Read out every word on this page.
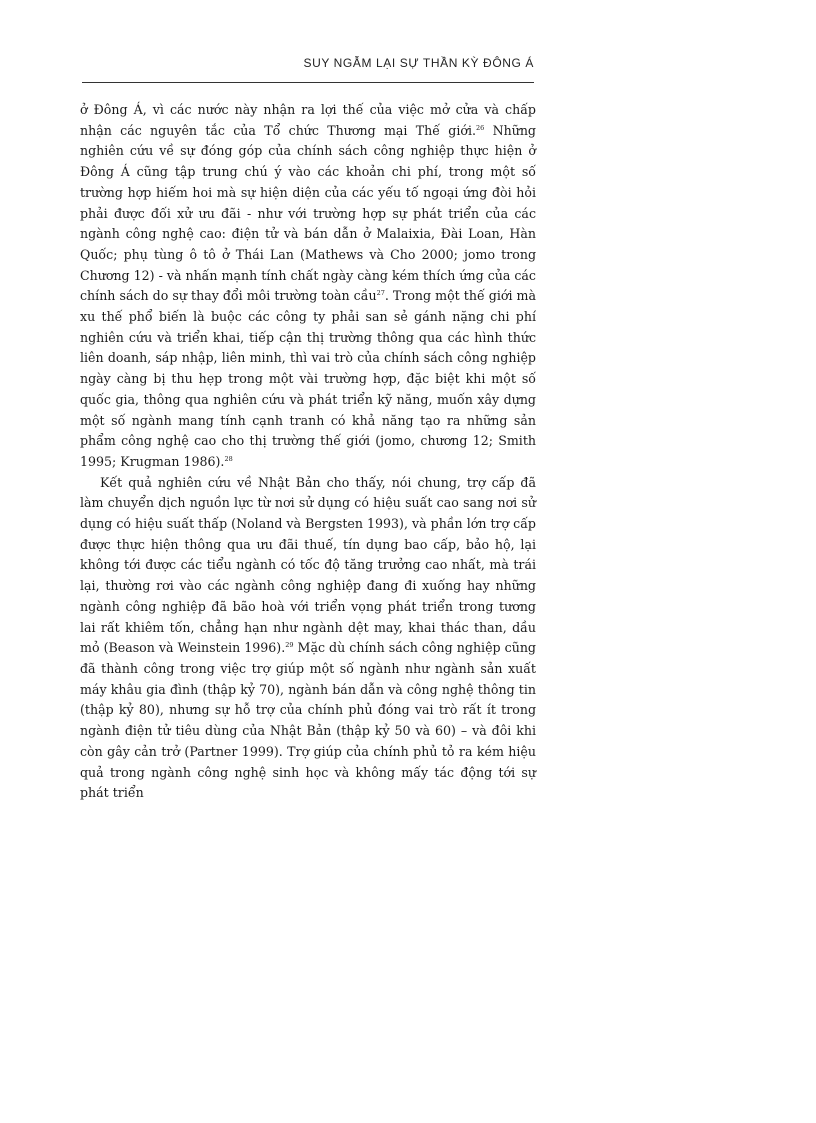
SUY NGẪM LẠI SỰ THẦN KỲ ĐÔNG Á

ở Đông Á, vì các nước này nhận ra lợi thế của việc mở cửa và chấp nhận các nguyên tắc của Tổ chức Thương mại Thế giới.$^{26}$ Những nghiên cứu về sự đóng góp của chính sách công nghiệp thực hiện ở Đông Á cũng tập trung chú ý vào các khoản chi phí, trong một số trường hợp hiếm hoi mà sự hiện diện của các yếu tố ngoại ứng đòi hỏi phải được đối xử ưu đãi - như với trường hợp sự phát triển của các ngành công nghệ cao: điện tử và bán dẫn ở Malaixia, Đài Loan, Hàn Quốc; phụ tùng ô tô ở Thái Lan (Mathews và Cho 2000; jomo trong Chương 12) - và nhấn mạnh tính chất ngày càng kém thích ứng của các chính sách do sự thay đổi môi trường toàn cầu$^{27}$. Trong một thế giới mà xu thế phổ biến là buộc các công ty phải san sẻ gánh nặng chi phí nghiên cứu và triển khai, tiếp cận thị trường thông qua các hình thức liên doanh, sáp nhập, liên minh, thì vai trò của chính sách công nghiệp ngày càng bị thu hẹp trong một vài trường hợp, đặc biệt khi một số quốc gia, thông qua nghiên cứu và phát triển kỹ năng, muốn xây dựng một số ngành mang tính cạnh tranh có khả năng tạo ra những sản phẩm công nghệ cao cho thị trường thế giới (jomo, chương 12; Smith 1995; Krugman 1986).$^{28}$

Kết quả nghiên cứu về Nhật Bản cho thấy, nói chung, trợ cấp đã làm chuyển dịch nguồn lực từ nơi sử dụng có hiệu suất cao sang nơi sử dụng có hiệu suất thấp (Noland và Bergsten 1993), và phần lớn trợ cấp được thực hiện thông qua ưu đãi thuế, tín dụng bao cấp, bảo hộ, lại không tới được các tiểu ngành có tốc độ tăng trưởng cao nhất, mà trái lại, thường rơi vào các ngành công nghiệp đang đi xuống hay những ngành công nghiệp đã bão hoà với triển vọng phát triển trong tương lai rất khiêm tốn, chẳng hạn như ngành dệt may, khai thác than, dầu mỏ (Beason và Weinstein 1996).$^{29}$ Mặc dù chính sách công nghiệp cũng đã thành công trong việc trợ giúp một số ngành như ngành sản xuất máy khâu gia đình (thập kỷ 70), ngành bán dẫn và công nghệ thông tin (thập kỷ 80), nhưng sự hỗ trợ của chính phủ đóng vai trò rất ít trong ngành điện tử tiêu dùng của Nhật Bản (thập kỷ 50 và 60) – và đôi khi còn gây cản trở (Partner 1999). Trợ giúp của chính phủ tỏ ra kém hiệu quả trong ngành công nghệ sinh học và không mấy tác động tới sự phát triển
